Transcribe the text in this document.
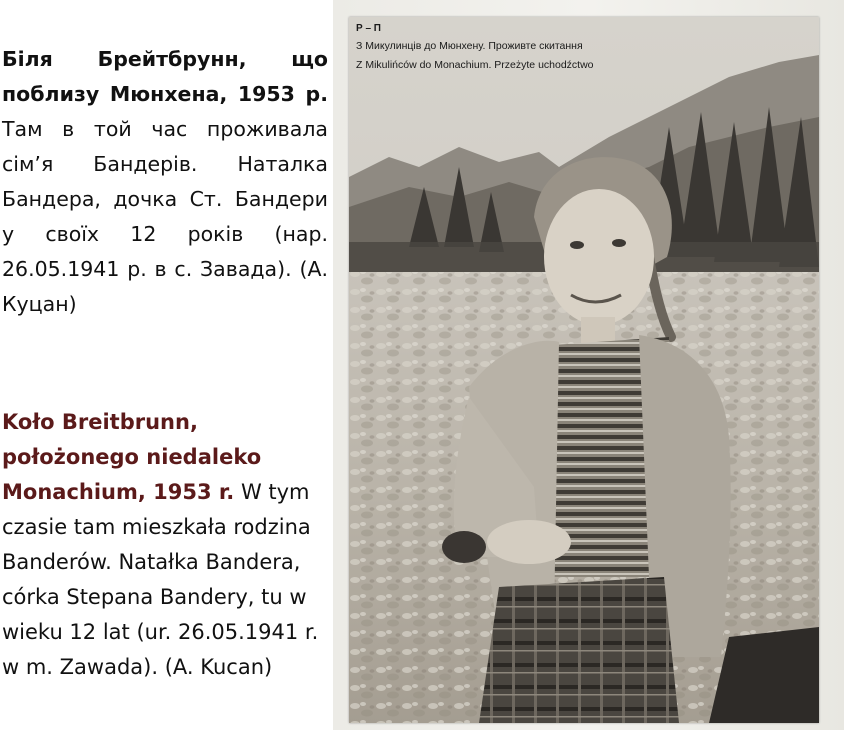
Біля Брейтбрунн, що поблизу Мюнхена, 1953 р. Там в той час проживала сім’я Бандерів. Наталка Бандера, дочка Ст. Бандери у своїх 12 років (нар. 26.05.1941 р. в с. Завада). (А. Куцан)

Koło Breitbrunn, położonego niedaleko Monachium, 1953 r. W tym czasie tam mieszkała rodzina Banderów. Natałka Bandera, córka Stepana Bandery, tu w wieku 12 lat (ur. 26.05.1941 r. w m. Zawada). (A. Kucan)

Р – П

З Микулинців до Мюнхену. Проживте скитання

Z Mikulińców do Monachium. Przeżyte uchodźctwo
